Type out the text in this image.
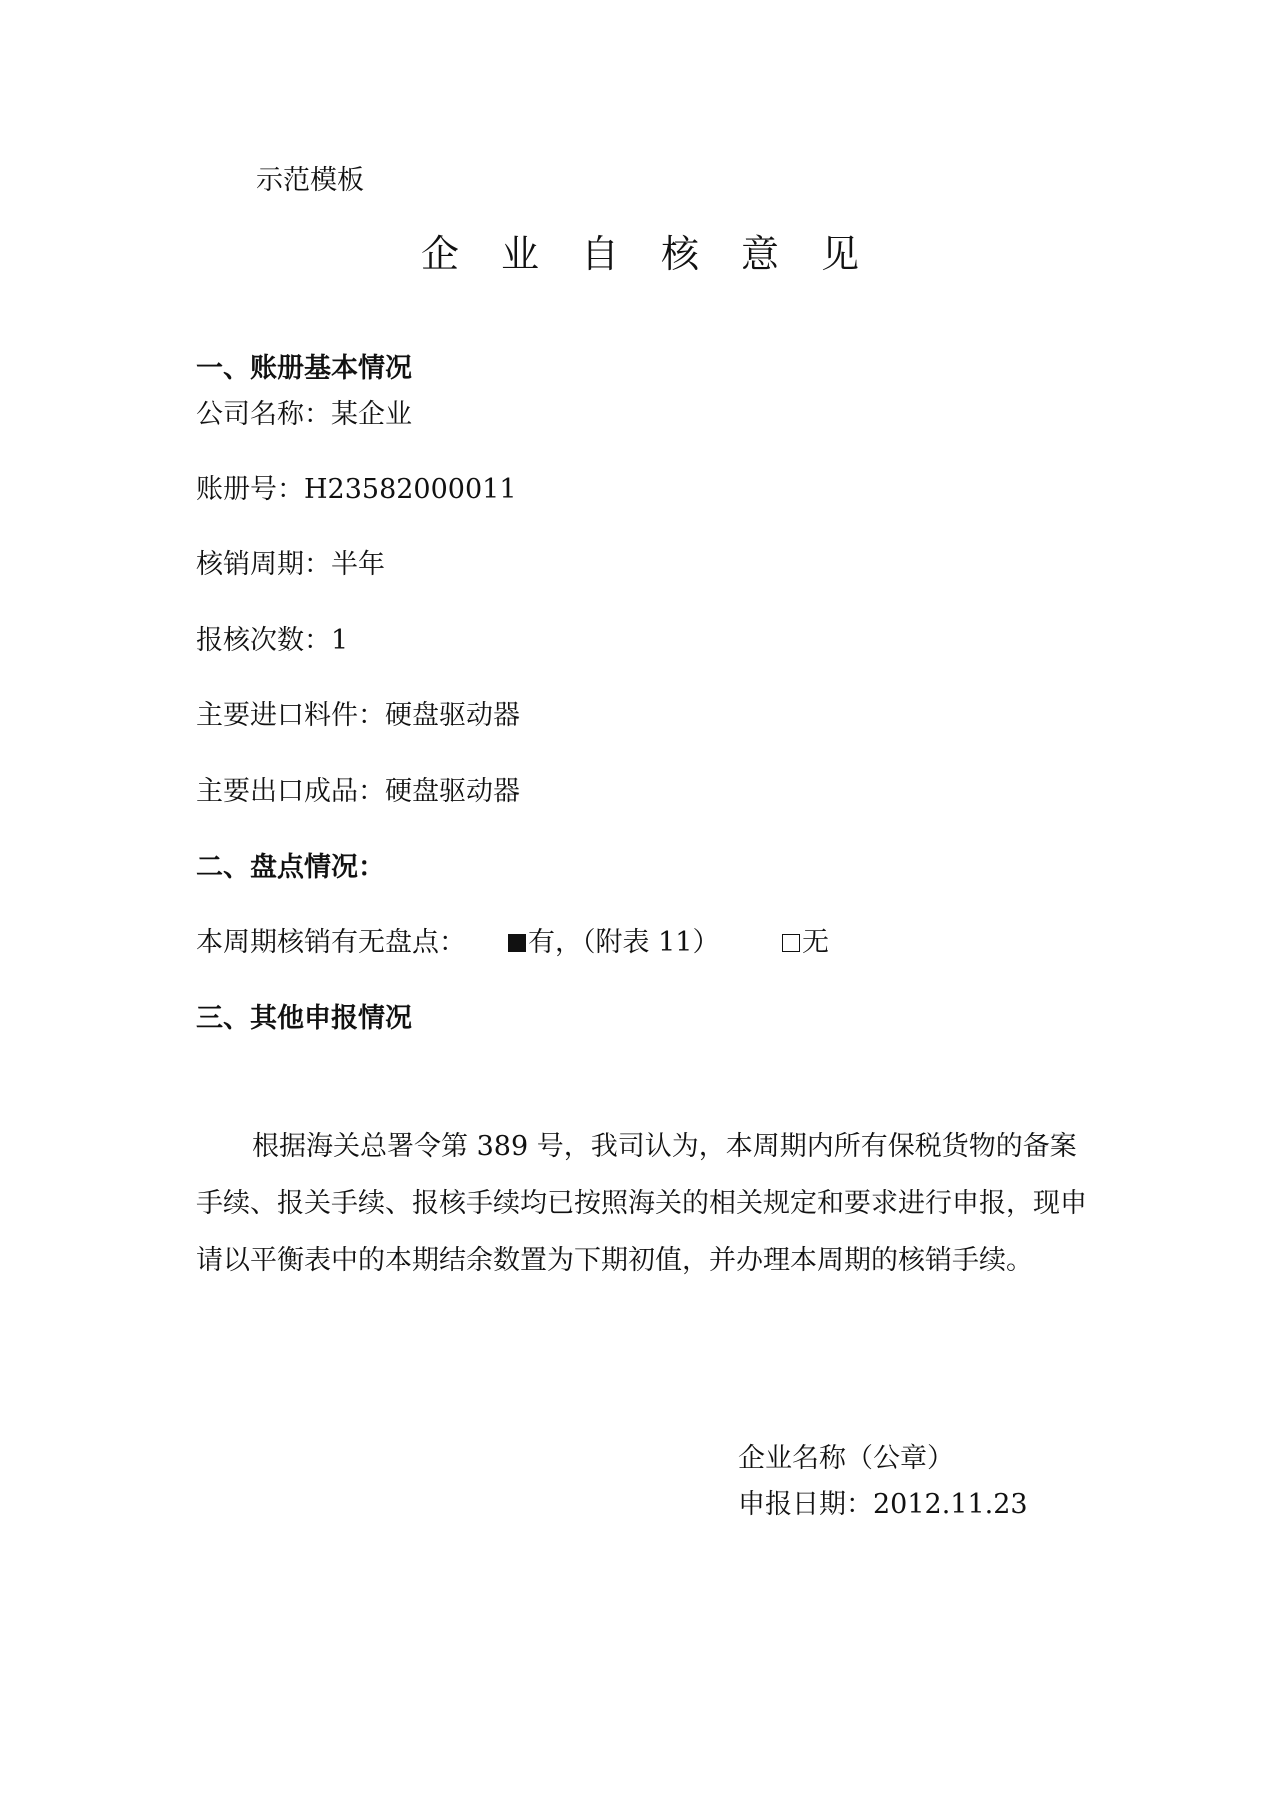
示范模板
企业自核意见
一、账册基本情况
公司名称：某企业
账册号：H23582000011
核销周期：半年
报核次数：1
主要进口料件：硬盘驱动器
主要出口成品：硬盘驱动器
二、盘点情况：
本周期核销有无盘点：	有，（附表 11）	无
三、其他申报情况
根据海关总署令第 389 号，我司认为，本周期内所有保税货物的备案手续、报关手续、报核手续均已按照海关的相关规定和要求进行申报，现申请以平衡表中的本期结余数置为下期初值，并办理本周期的核销手续。
企业名称（公章）
申报日期：2012.11.23
